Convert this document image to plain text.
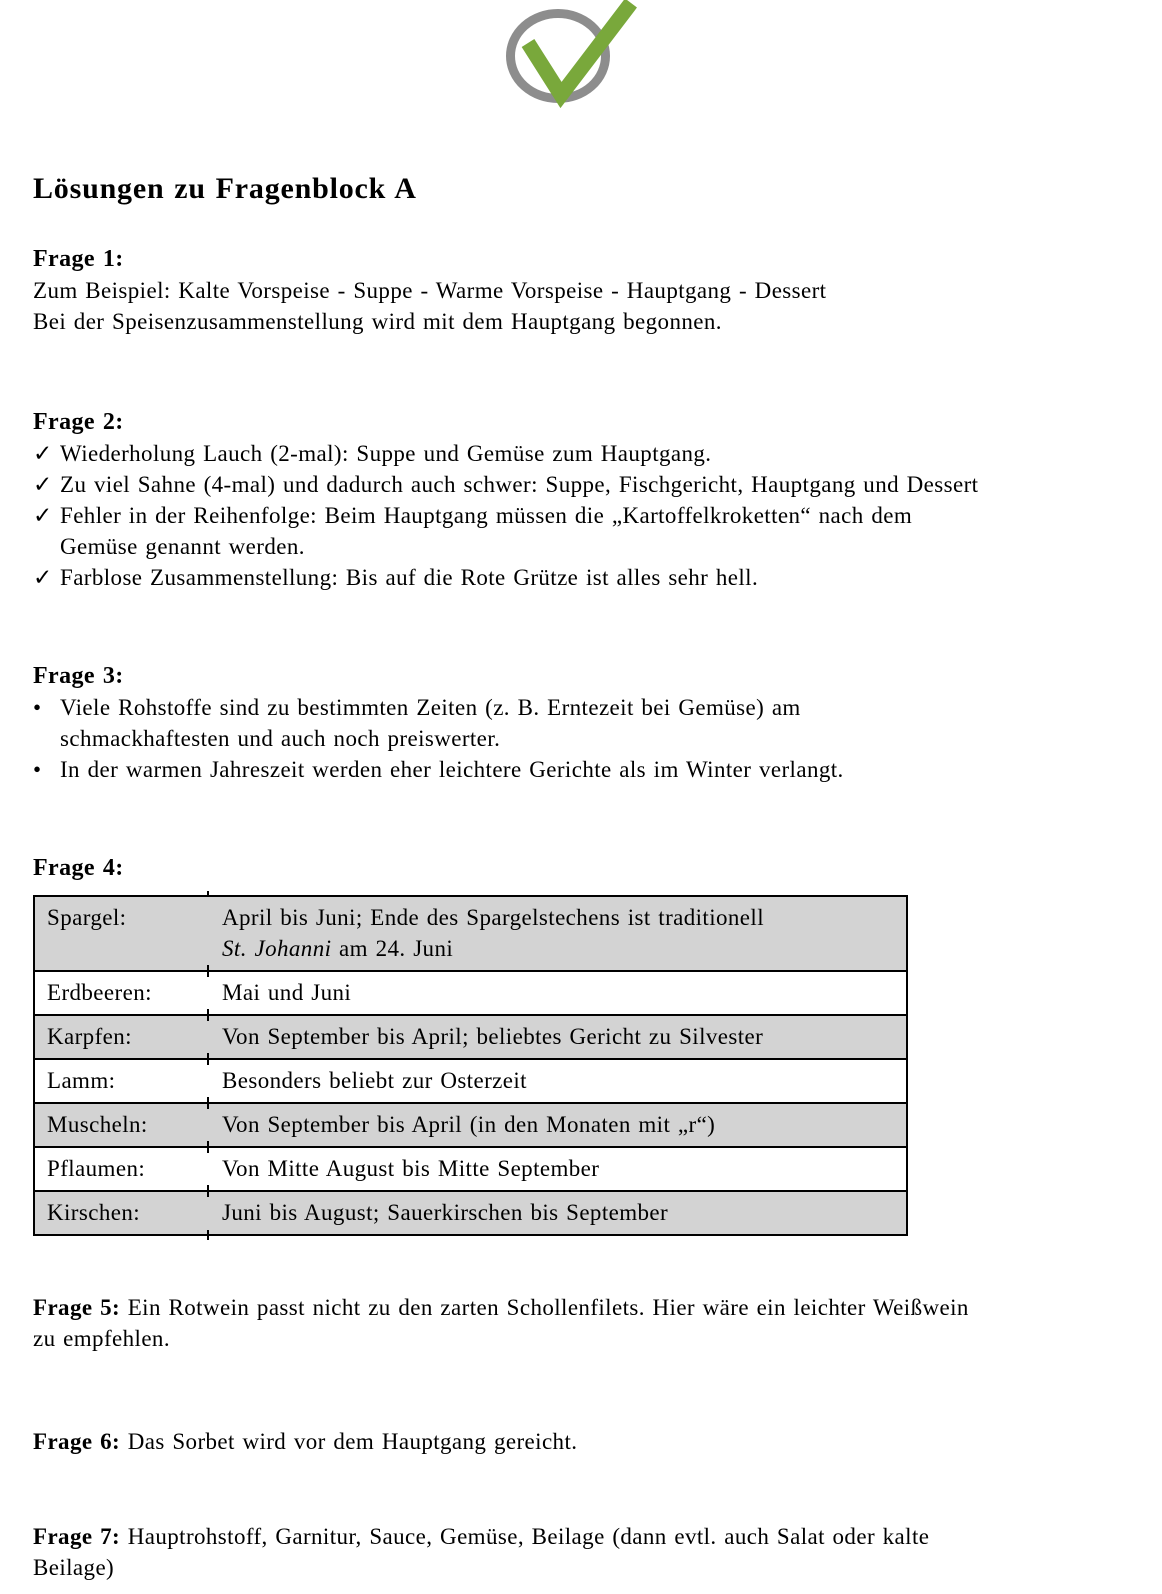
Lösungen zu Fragenblock A

Frage 1:

Zum Beispiel: Kalte Vorspeise - Suppe - Warme Vorspeise - Hauptgang - Dessert
Bei der Speisenzusammenstellung wird mit dem Hauptgang begonnen.

Frage 2:

✓ Wiederholung Lauch (2-mal): Suppe und Gemüse zum Hauptgang.
✓ Zu viel Sahne (4-mal) und dadurch auch schwer: Suppe, Fischgericht, Hauptgang und Dessert
✓ Fehler in der Reihenfolge: Beim Hauptgang müssen die „Kartoffelkroketten“ nach dem
Gemüse genannt werden.
✓ Farblose Zusammenstellung: Bis auf die Rote Grütze ist alles sehr hell.

Frage 3:

• Viele Rohstoffe sind zu bestimmten Zeiten (z. B. Erntezeit bei Gemüse) am
schmackhaftesten und auch noch preiswerter.
• In der warmen Jahreszeit werden eher leichtere Gerichte als im Winter verlangt.

Frage 4:

Spargel:	April bis Juni; Ende des Spargelstechens ist traditionell
St. Johanni am 24. Juni
Erdbeeren:	Mai und Juni
Karpfen:	Von September bis April; beliebtes Gericht zu Silvester
Lamm:	Besonders beliebt zur Osterzeit
Muscheln:	Von September bis April (in den Monaten mit „r“)
Pflaumen:	Von Mitte August bis Mitte September
Kirschen:	Juni bis August; Sauerkirschen bis September

Frage 5: Ein Rotwein passt nicht zu den zarten Schollenfilets. Hier wäre ein leichter Weißwein
zu empfehlen.

Frage 6: Das Sorbet wird vor dem Hauptgang gereicht.

Frage 7: Hauptrohstoff, Garnitur, Sauce, Gemüse, Beilage (dann evtl. auch Salat oder kalte
Beilage)
